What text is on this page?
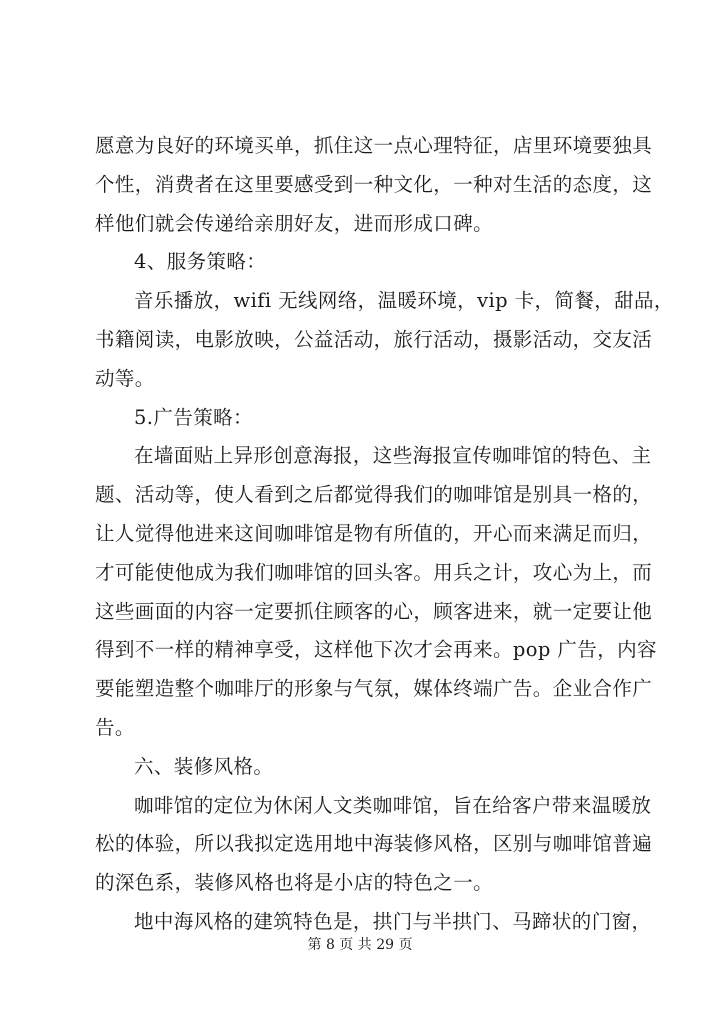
愿意为良好的环境买单，抓住这一点心理特征，店里环境要独具
个性，消费者在这里要感受到一种文化，一种对生活的态度，这
样他们就会传递给亲朋好友，进而形成口碑。
4、服务策略：
音乐播放，wifi 无线网络，温暖环境，vip 卡，简餐，甜品，
书籍阅读，电影放映，公益活动，旅行活动，摄影活动，交友活
动等。
5.广告策略：
在墙面贴上异形创意海报，这些海报宣传咖啡馆的特色、主
题、活动等，使人看到之后都觉得我们的咖啡馆是别具一格的，
让人觉得他进来这间咖啡馆是物有所值的，开心而来满足而归，
才可能使他成为我们咖啡馆的回头客。用兵之计，攻心为上，而
这些画面的内容一定要抓住顾客的心，顾客进来，就一定要让他
得到不一样的精神享受，这样他下次才会再来。pop 广告，内容
要能塑造整个咖啡厅的形象与气氛，媒体终端广告。企业合作广
告。
六、装修风格。
咖啡馆的定位为休闲人文类咖啡馆，旨在给客户带来温暖放
松的体验，所以我拟定选用地中海装修风格，区别与咖啡馆普遍
的深色系，装修风格也将是小店的特色之一。
地中海风格的建筑特色是，拱门与半拱门、马蹄状的门窗，
第 8 页 共 29 页
